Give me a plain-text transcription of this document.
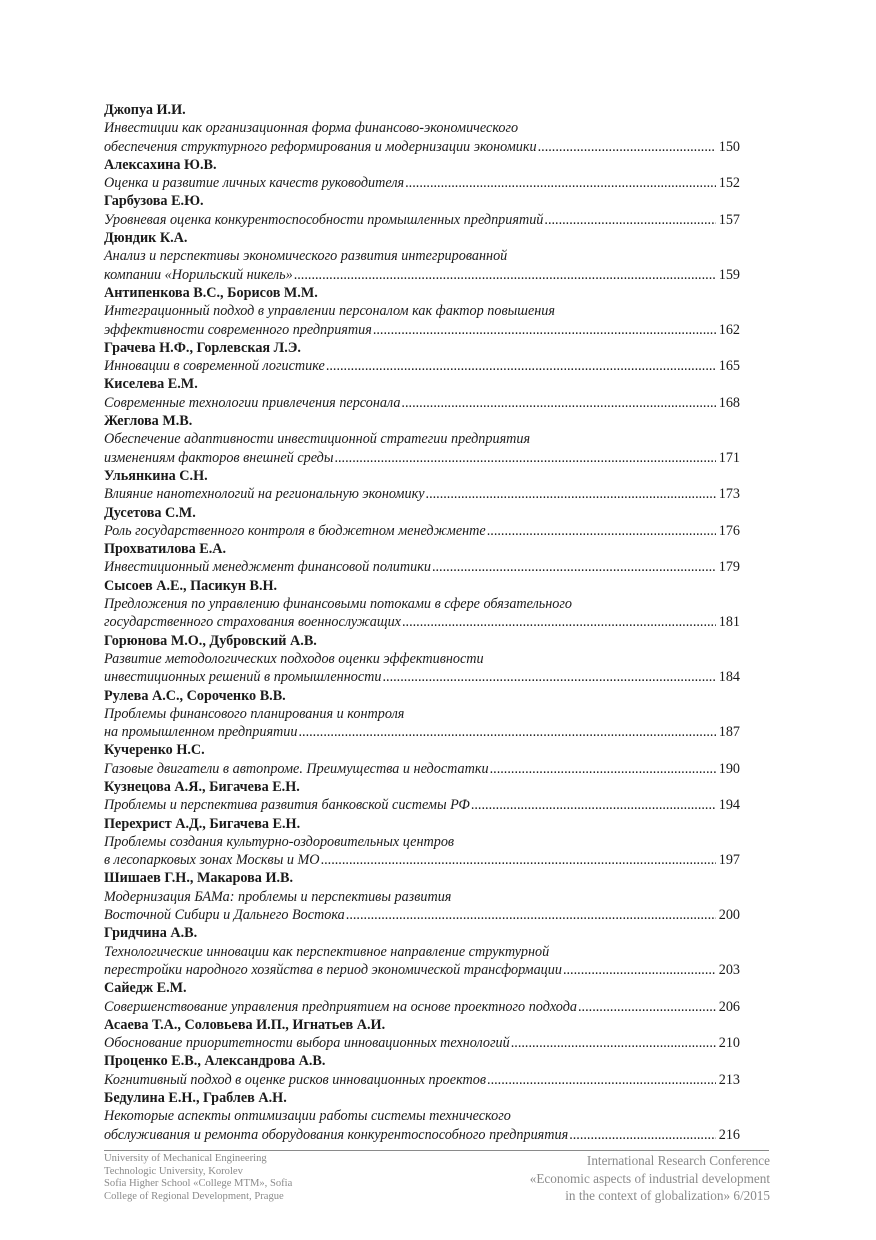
Джопуа И.И.
Инвестиции как организационная форма финансово-экономического
обеспечения структурного реформирования и модернизации экономики .....	150
Алексахина Ю.В.
Оценка и развитие личных качеств руководителя .....	152
Гарбузова Е.Ю.
Уровневая оценка конкурентоспособности промышленных предприятий .....	157
Дюндик К.А.
Анализ и перспективы экономического развития интегрированной
компании «Норильский никель» .....	159
Антипенкова В.С., Борисов М.М.
Интеграционный подход в управлении персоналом как фактор повышения
эффективности современного предприятия .....	162
Грачева Н.Ф., Горлевская Л.Э.
Инновации в современной логистике .....	165
Киселева Е.М.
Современные технологии привлечения персонала .....	168
Жеглова М.В.
Обеспечение адаптивности инвестиционной стратегии предприятия
изменениям факторов внешней среды .....	171
Ульянкина С.Н.
Влияние нанотехнологий на региональную экономику .....	173
Дусетова С.М.
Роль государственного контроля в бюджетном менеджменте .....	176
Прохватилова Е.А.
Инвестиционный менеджмент финансовой политики .....	179
Сысоев А.Е., Пасикун В.Н.
Предложения по управлению финансовыми потоками в сфере обязательного
государственного страхования военнослужащих .....	181
Горюнова М.О., Дубровский А.В.
Развитие методологических подходов оценки эффективности
инвестиционных решений в промышленности .....	184
Рулева А.С., Сороченко В.В.
Проблемы финансового планирования и контроля
на промышленном предприятии .....	187
Кучеренко Н.С.
Газовые двигатели в автопроме. Преимущества и недостатки .....	190
Кузнецова А.Я., Бигачева Е.Н.
Проблемы и перспектива развития банковской системы РФ .....	194
Перехрист А.Д., Бигачева Е.Н.
Проблемы создания культурно-оздоровительных центров
в лесопарковых зонах Москвы и МО .....	197
Шишаев Г.Н., Макарова И.В.
Модернизация БАМа: проблемы и перспективы развития
Восточной Сибири и Дальнего Востока .....	200
Гридчина А.В.
Технологические инновации как перспективное направление структурной
перестройки народного хозяйства в период экономической трансформации .....	203
Сайедж Е.М.
Совершенствование управления предприятием на основе проектного подхода .....	206
Асаева Т.А., Соловьева И.П., Игнатьев А.И.
Обоснование приоритетности выбора инновационных технологий .....	210
Проценко Е.В., Александрова А.В.
Когнитивный подход в оценке рисков инновационных проектов .....	213
Бедулина Е.Н., Граблев А.Н.
Некоторые аспекты оптимизации работы системы технического
обслуживания и ремонта оборудования конкурентоспособного предприятия .....	216
University of Mechanical Engineering
Technologic University, Korolev
Sofia Higher School «College MTM», Sofia
College of Regional Development, Prague
International Research Conference
«Economic aspects of industrial development
in the context of globalization» 6/2015
